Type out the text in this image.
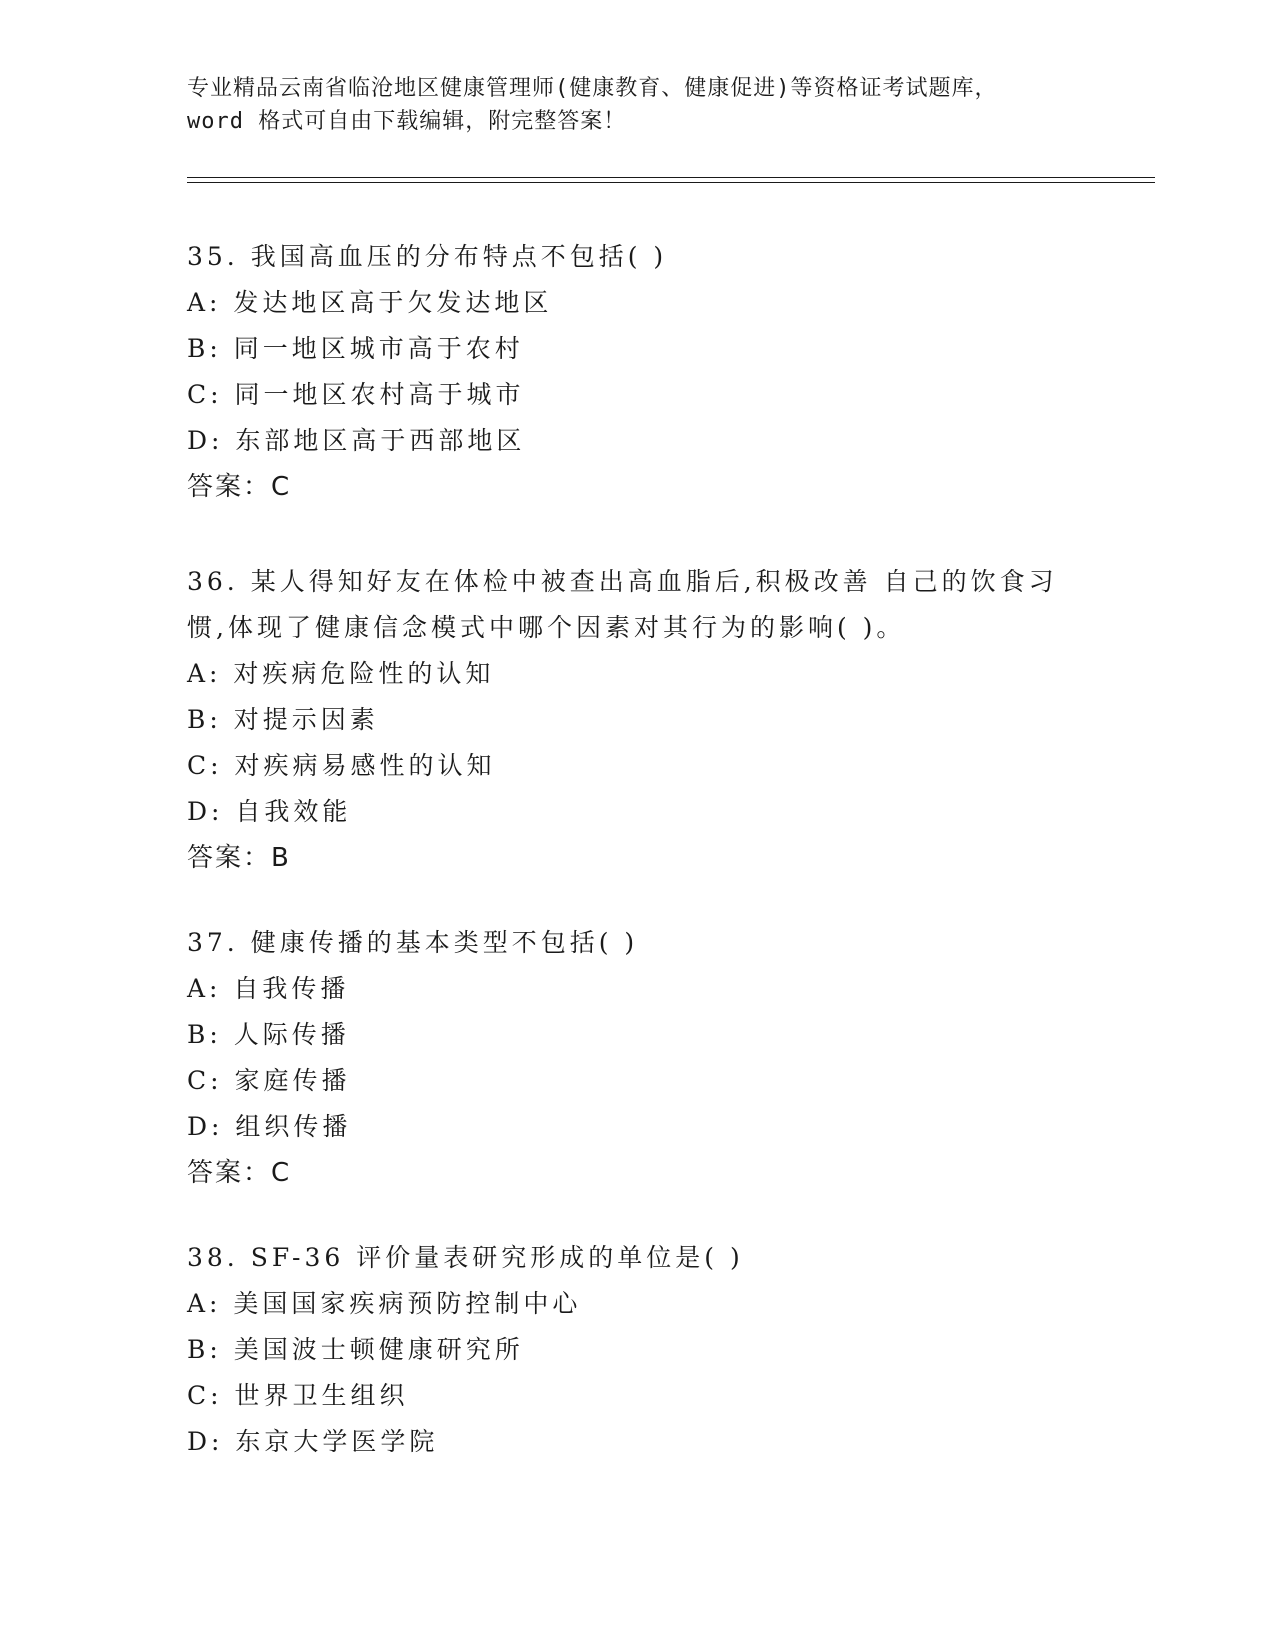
专业精品云南省临沧地区健康管理师(健康教育、健康促进)等资格证考试题库，
word 格式可自由下载编辑，附完整答案！
35. 我国高血压的分布特点不包括( )
A: 发达地区高于欠发达地区
B: 同一地区城市高于农村
C: 同一地区农村高于城市
D: 东部地区高于西部地区
答案：C
36. 某人得知好友在体检中被查出高血脂后,积极改善 自己的饮食习
惯,体现了健康信念模式中哪个因素对其行为的影响( )。
A: 对疾病危险性的认知
B: 对提示因素
C: 对疾病易感性的认知
D: 自我效能
答案：B
37. 健康传播的基本类型不包括( )
A: 自我传播
B: 人际传播
C: 家庭传播
D: 组织传播
答案：C
38. SF-36 评价量表研究形成的单位是( )
A: 美国国家疾病预防控制中心
B: 美国波士顿健康研究所
C: 世界卫生组织
D: 东京大学医学院
